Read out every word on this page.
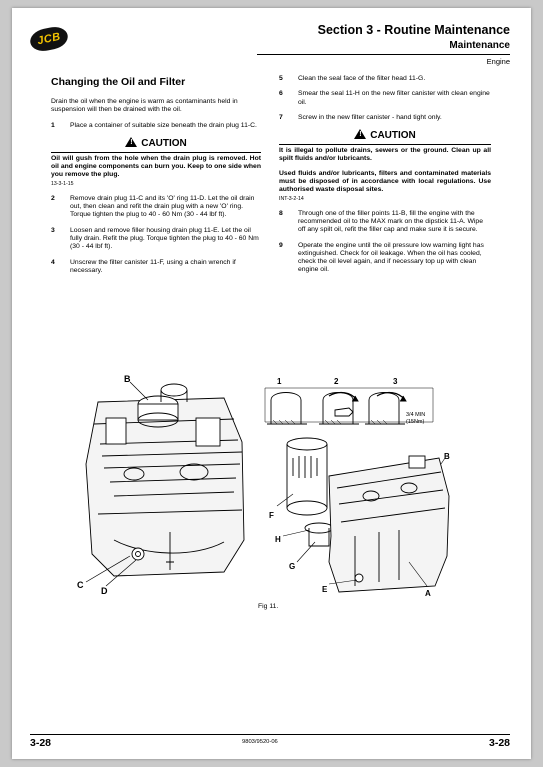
JCB
Section 3 - Routine Maintenance
Maintenance
Engine
Changing the Oil and Filter
Drain the oil when the engine is warm as contaminants held in suspension will then be drained with the oil.
1 Place a container of suitable size beneath the drain plug 11-C.
! CAUTION
Oil will gush from the hole when the drain plug is removed. Hot oil and engine components can burn you. Keep to one side when you remove the plug.
13-3-1-15
2 Remove drain plug 11-C and its 'O' ring 11-D. Let the oil drain out, then clean and refit the drain plug with a new 'O' ring. Torque tighten the plug to 40 - 60 Nm (30 - 44 lbf ft).
3 Loosen and remove filler housing drain plug 11-E. Let the oil fully drain. Refit the plug. Torque tighten the plug to 40 - 60 Nm (30 - 44 lbf ft).
4 Unscrew the filter canister 11-F, using a chain wrench if necessary.
5 Clean the seal face of the filter head 11-G.
6 Smear the seal 11-H on the new filter canister with clean engine oil.
7 Screw in the new filter canister - hand tight only.
! CAUTION
It is illegal to pollute drains, sewers or the ground. Clean up all spilt fluids and/or lubricants.
Used fluids and/or lubricants, filters and contaminated materials must be disposed of in accordance with local regulations. Use authorised waste disposal sites.
INT-3-2-14
8 Through one of the filler points 11-B, fill the engine with the recommended oil to the MAX mark on the dipstick 11-A. Wipe off any spilt oil, refit the filler cap and make sure it is secure.
9 Operate the engine until the oil pressure low warning light has extinguished. Check for oil leakage. When the oil has cooled, check the oil level again, and if necessary top up with clean engine oil.
B
C
D
1	2	3
3/4 MIN
(15Nm)
B
F
H
G
E	A
Fig 11.
3-28	9803/9520-06	3-28
